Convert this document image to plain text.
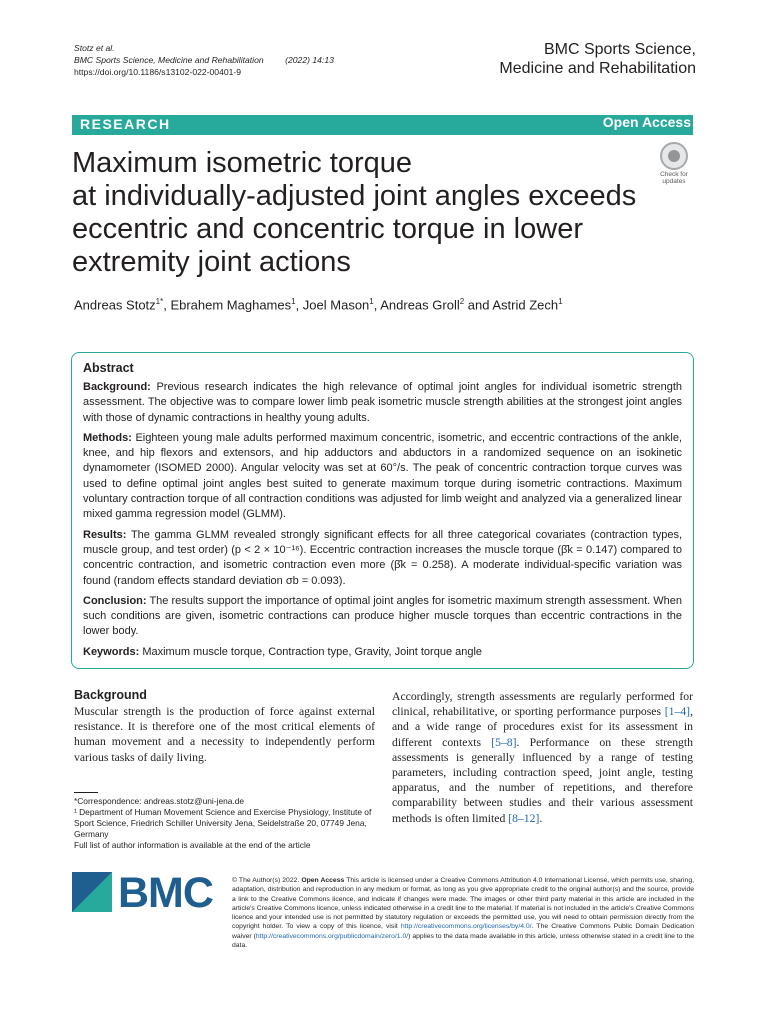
Stotz et al.
BMC Sports Science, Medicine and Rehabilitation	(2022) 14:13
https://doi.org/10.1186/s13102-022-00401-9
BMC Sports Science,
Medicine and Rehabilitation
RESEARCH	Open Access
Maximum isometric torque
at individually-adjusted joint angles exceeds
eccentric and concentric torque in lower
extremity joint actions
Check for
updates
Andreas Stotz$^{1*}$, Ebrahem Maghames$^1$, Joel Mason$^1$, Andreas Groll$^2$ and Astrid Zech$^1$
Abstract

Background: Previous research indicates the high relevance of optimal joint angles for individual isometric strength assessment. The objective was to compare lower limb peak isometric muscle strength abilities at the strongest joint angles with those of dynamic contractions in healthy young adults.

Methods: Eighteen young male adults performed maximum concentric, isometric, and eccentric contractions of the ankle, knee, and hip flexors and extensors, and hip adductors and abductors in a randomized sequence on an isokinetic dynamometer (ISOMED 2000). Angular velocity was set at 60°/s. The peak of concentric contraction torque curves was used to define optimal joint angles best suited to generate maximum torque during isometric contractions. Maximum voluntary contraction torque of all contraction conditions was adjusted for limb weight and analyzed via a generalized linear mixed gamma regression model (GLMM).

Results: The gamma GLMM revealed strongly significant effects for all three categorical covariates (contraction types, muscle group, and test order) (p < 2 × 10⁻¹⁶). Eccentric contraction increases the muscle torque (β̂k = 0.147) compared to concentric contraction, and isometric contraction even more (β̂k = 0.258). A moderate individual-specific variation was found (random effects standard deviation σb = 0.093).

Conclusion: The results support the importance of optimal joint angles for isometric maximum strength assessment. When such conditions are given, isometric contractions can produce higher muscle torques than eccentric contractions in the lower body.

Keywords: Maximum muscle torque, Contraction type, Gravity, Joint torque angle

Background
Muscular strength is the production of force against external resistance. It is therefore one of the most critical elements of human movement and a necessity to independently perform various tasks of daily living.
Accordingly, strength assessments are regularly performed for clinical, rehabilitative, or sporting performance purposes [1–4], and a wide range of procedures exist for its assessment in different contexts [5–8]. Performance on these strength assessments is generally influenced by a range of testing parameters, including contraction speed, joint angle, testing apparatus, and the number of repetitions, and therefore comparability between studies and their various assessment methods is often limited [8–12].
*Correspondence: andreas.stotz@uni-jena.de
¹ Department of Human Movement Science and Exercise Physiology, Institute of Sport Science, Friedrich Schiller University Jena, Seidelstraße 20, 07749 Jena, Germany
Full list of author information is available at the end of the article
BMC	© The Author(s) 2022. Open Access This article is licensed under a Creative Commons Attribution 4.0 International License, which permits use, sharing, adaptation, distribution and reproduction in any medium or format, as long as you give appropriate credit to the original author(s) and the source, provide a link to the Creative Commons licence, and indicate if changes were made. The images or other third party material in this article are included in the article's Creative Commons licence, unless indicated otherwise in a credit line to the material. If material is not included in the article's Creative Commons licence and your intended use is not permitted by statutory regulation or exceeds the permitted use, you will need to obtain permission directly from the copyright holder. To view a copy of this licence, visit http://creativecommons.org/licenses/by/4.0/. The Creative Commons Public Domain Dedication waiver (http://creativecommons.org/publicdomain/zero/1.0/) applies to the data made available in this article, unless otherwise stated in a credit line to the data.
